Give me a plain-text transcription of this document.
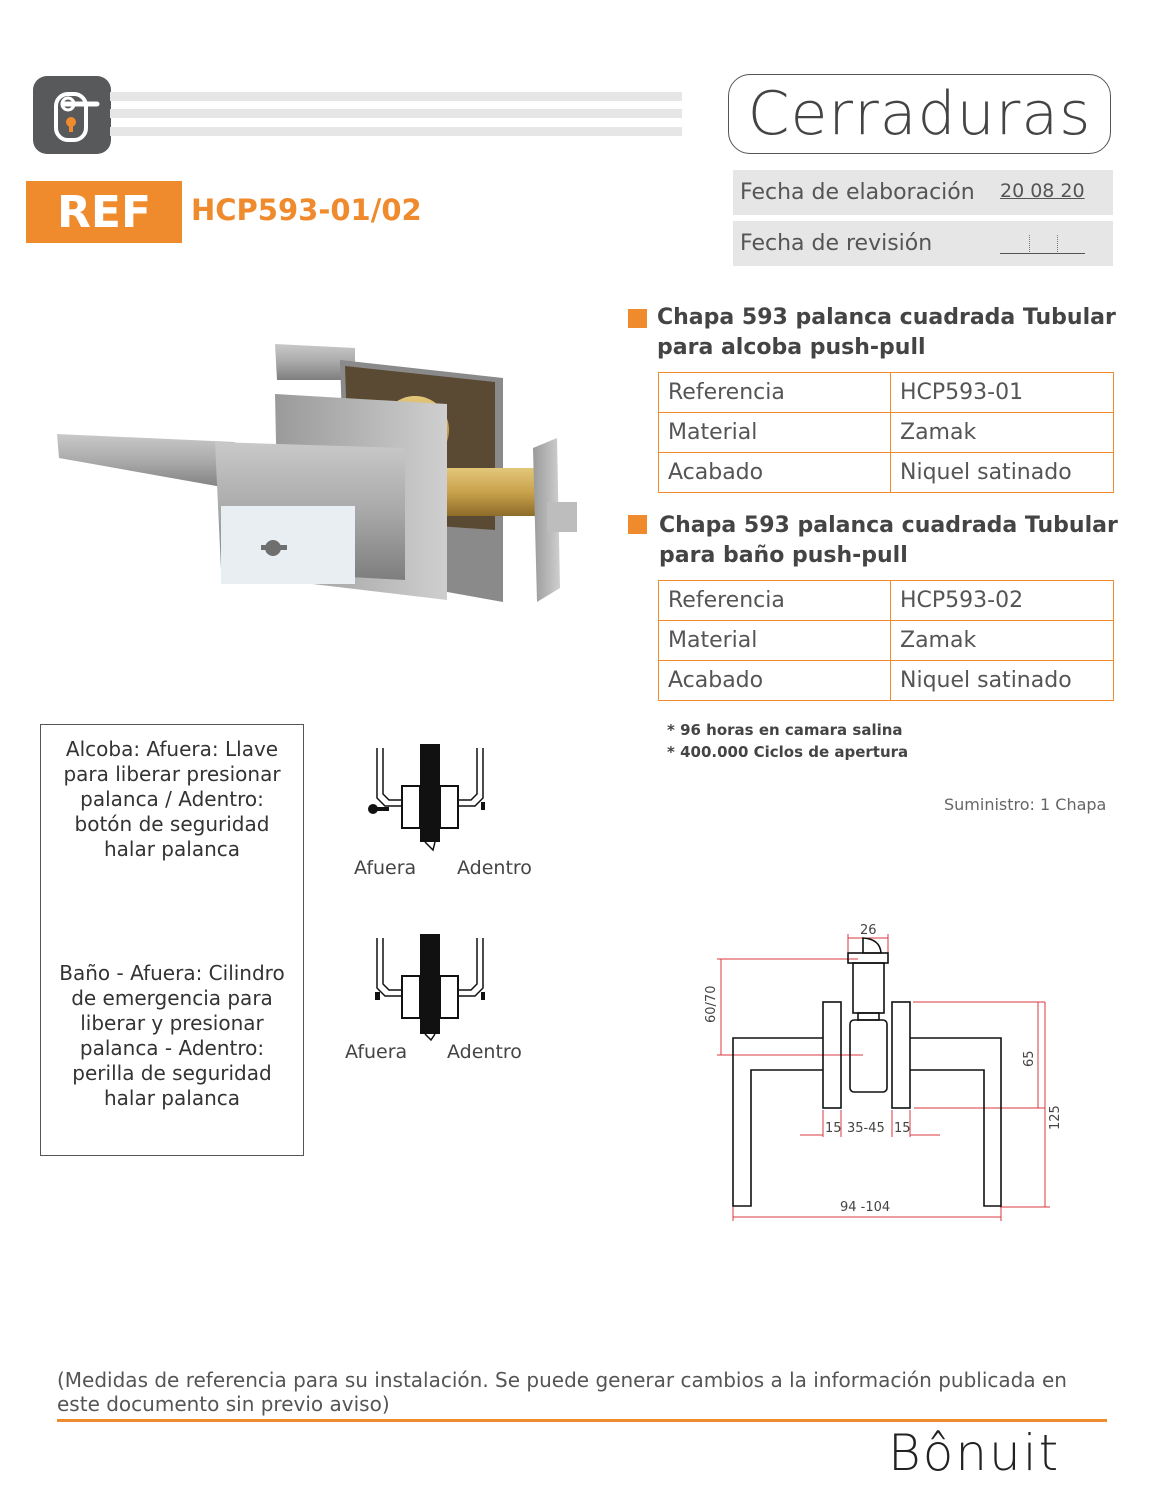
Cerraduras
REF	HCP593-01/02
Fecha de elaboración 20 08 20
Fecha de revisión
Chapa 593 palanca cuadrada Tubular
para alcoba push-pull
Referencia	HCP593-01
Material	Zamak
Acabado	Niquel satinado
Chapa 593 palanca cuadrada Tubular
para baño push-pull
Referencia	HCP593-02
Material	Zamak
Acabado	Niquel satinado
* 96 horas en camara salina
* 400.000 Ciclos de apertura
Suministro: 1 Chapa
Alcoba: Afuera: Llave para liberar presionar palanca / Adentro: botón de seguridad halar palanca
Baño - Afuera: Cilindro de emergencia para liberar y presionar palanca - Adentro: perilla de seguridad halar palanca
Afuera Adentro
Afuera Adentro
26
60/70
65
125
15 35-45 15
94 -104
(Medidas de referencia para su instalación. Se puede generar cambios a la información publicada en este documento sin previo aviso)
Bônuit
